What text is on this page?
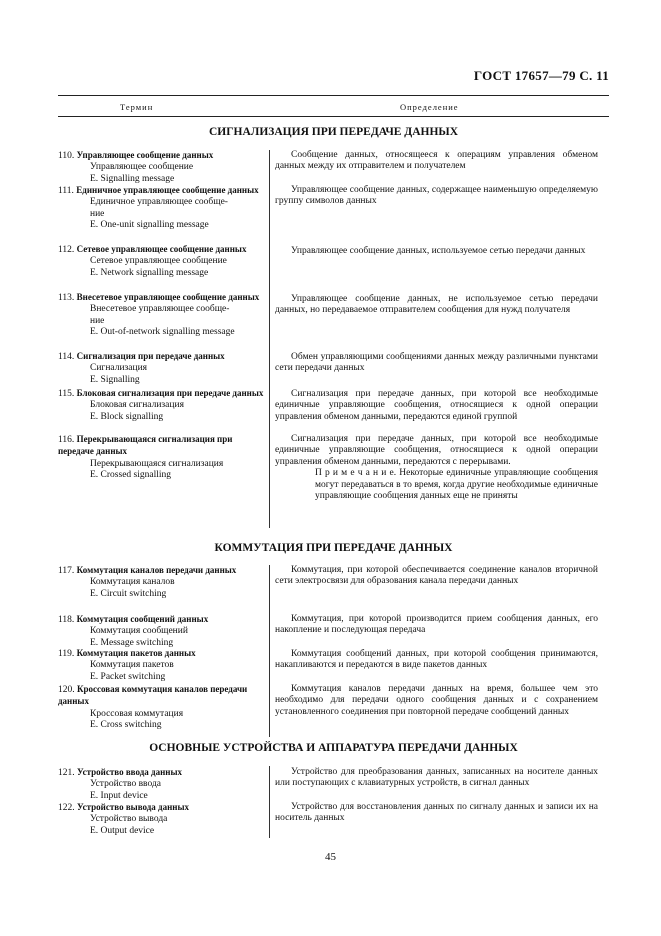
ГОСТ 17657—79 С. 11
Термин	Определение
СИГНАЛИЗАЦИЯ ПРИ ПЕРЕДАЧЕ ДАННЫХ

110. Управляющее сообщение данных

Управляющее сообщение

E. Signalling message

Сообщение данных, относящееся к операциям управления обменом данных между их отправителем и получателем

111. Единичное управляющее сообщение данных

Единичное управляющее сообще-

ние

E. One-unit signalling message

Управляющее сообщение данных, содержащее наименьшую определяемую группу символов данных

112. Сетевое управляющее сообщение данных

Сетевое управляющее сообщение

E. Network signalling message

Управляющее сообщение данных, используемое сетью передачи данных

113. Внесетевое управляющее сообщение данных

Внесетевое управляющее сообще-

ние

E. Out-of-network signalling message

Управляющее сообщение данных, не используемое сетью передачи данных, но передаваемое отправителем сообщения для нужд получателя

114. Сигнализация при передаче данных

Сигнализация

E. Signalling

Обмен управляющими сообщениями данных между различными пунктами сети передачи данных

115. Блоковая сигнализация при передаче данных

Блоковая сигнализация

E. Block signalling

Сигнализация при передаче данных, при которой все необходимые единичные управляющие сообщения, относящиеся к одной операции управления обменом данными, передаются единой группой

116. Перекрывающаяся сигнализация при передаче данных

Перекрывающаяся сигнализация

E. Crossed signalling

Сигнализация при передаче данных, при которой все необходимые единичные управляющие сообщения, относящиеся к одной операции управления обменом данными, передаются с перерывами.

П р и м е ч а н и е. Некоторые единичные управляющие сообщения могут передаваться в то время, когда другие необходимые единичные управляющие сообщения данных еще не приняты

КОММУТАЦИЯ ПРИ ПЕРЕДАЧЕ ДАННЫХ

117. Коммутация каналов передачи данных

Коммутация каналов

E. Circuit switching

Коммутация, при которой обеспечивается соединение каналов вторичной сети электросвязи для образования канала передачи данных

118. Коммутация сообщений данных

Коммутация сообщений

E. Message switching

Коммутация, при которой производится прием сообщения данных, его накопление и последующая передача

119. Коммутация пакетов данных

Коммутация пакетов

E. Packet switching

Коммутация сообщений данных, при которой сообщения принимаются, накапливаются и передаются в виде пакетов данных

120. Кроссовая коммутация каналов передачи данных

Кроссовая коммутация

E. Cross switching

Коммутация каналов передачи данных на время, большее чем это необходимо для передачи одного сообщения данных и с сохранением установленного соединения при повторной передаче сообщений данных

ОСНОВНЫЕ УСТРОЙСТВА И АППАРАТУРА ПЕРЕДАЧИ ДАННЫХ

121. Устройство ввода данных

Устройство ввода

E. Input device

Устройство для преобразования данных, записанных на носителе данных или поступающих с клавиатурных устройств, в сигнал данных

122. Устройство вывода данных

Устройство вывода

E. Output device

Устройство для восстановления данных по сигналу данных и записи их на носитель данных

45
